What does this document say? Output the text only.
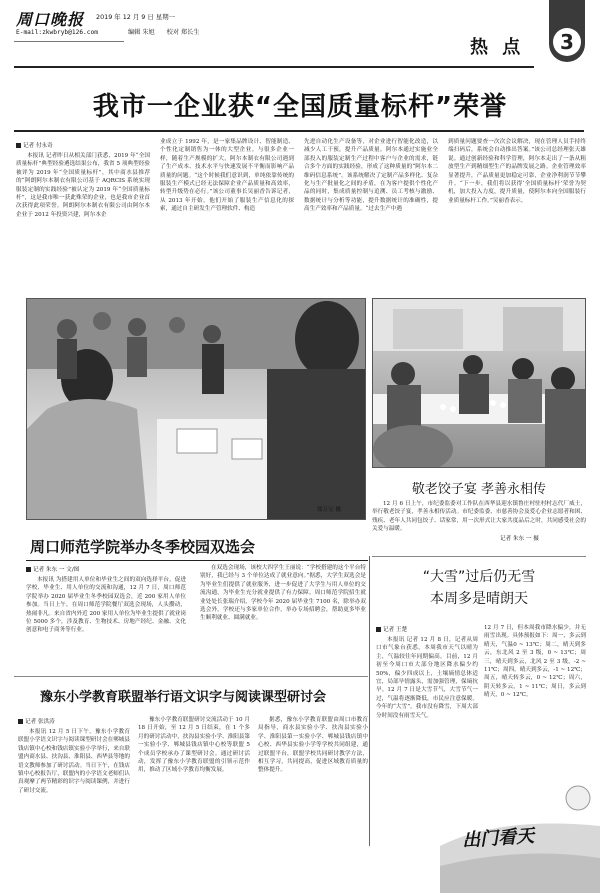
周口晚报
E-mail:zkwbryb@126.com
2019 年 12 月 9 日 星期一
编辑 朱旭 校对 郑长生
热 点	3
我市一企业获“全国质量标杆”荣誉
记者 付永奇
本报讯 记者昨日从相关部门获悉，2019 年“全国质量标杆”典型经验遴选结果公布，我省 5 项典型经验被评为 2019 年“全国质量标杆”，其中商水县推荐的“阿朗阿尔本制衣有限公司基于 AQRCIS 系统实现服装定制的实践经验”被认定为 2019 年“全国质量标杆”，这是我市唯一获此殊荣的企业，也是我市企业首次获得此项荣誉。阿朗阿尔本制衣有限公司由阿尔本企业于 2012 年投资兴建，阿尔本企
业成立于 1992 年，是一家集品牌设计、智能制造、个性化定制销售为一体的大型企业。与很多企业一样，随着生产规模的扩大，阿尔本制衣有限公司遇到了生产成本、技术水平与快速发展不平衡而影响产品质量的问题。“这个时候我们意识到，单纯依靠传统的服装生产模式已经无法保障企业产品质量和高效率，转型升级势在必行。”该公司董事长吴丽香告诉记者，从 2013 年开始，他们开始了服装生产信息化的探索，通过自主研发生产管理软件、构造
先进自动化生产设备等，对企业进行智能化改造，以减少人工干预，提升产品质量。阿尔本通过实施业全部投入的服装定制生产过程中客户与企业的需求，链合多个方面的实践经验，形成了这种质量的“阿尔本二维码信息系统”。该系统解决了定制产品多样化、复杂化与生产批量化之间的矛盾，在为客户提供个性化产品的同时，集成质量控制与追溯、员工考核与激励、数据统计与分析等功能，提升数据统计的准确性，提高生产效率和产品质量。“过去生产中遇
到质量问题要查一次次会议解决，现在管理人员手持终端扫码后，系统会自动推出答案。”该公司总经理张天雄说。通过创新经验和科学管理，阿尔本走出了一条从粗放型生产到精细型生产的品牌发展之路。企业管理效率显著提升，产品质量更加稳定可靠，企业净利润节节攀升。“下一步，我们将以获得‘全国质量标杆’荣誉为契机，加大投入力度，提升质量，使阿尔本向全国服装行业质量标杆工作。”吴丽香表示。
郑万宝 摄
周口师范学院举办冬季校园双选会
记者 朱东 一 文/图
本报讯 为搭建用人单位和毕业生之间的双向选择平台，促进学校、毕业生、用人单位的交流和沟通，12 月 7 日，周口师范学院举办 2020 届毕业生冬季校园双选会，近 200 家用人单位参加。当日上午，在周口师范学院餐厅双选会现场，人头攒动，热闹非凡。来自省内外近 200 家用人单位为毕业生提供了就业岗位 5000 多个，涉及教育、生物技术、房地产经纪、金融、文化创意和电子商务等行业。
在双选会现场，该校大四学生王丽说：“学校搭建的这个平台特别好，我已经与 3 个单位达成了就业意向。”据悉，大学生双选会是为毕业生们提供了就业服务，进一步促进了大学生与用人单位的交流沟通，为毕业生充分就业提供了有力保障。周口师范学院招生就业处处长张瑞介绍，学校今年 2020 届毕业生 7100 名，除举办双选会外，学校还与多家单位合作，举办专场招聘会，帮助更多毕业生顺利就业、圆满就业。
敬老饺子宴 孝善永相传
12 月 6 日上午，市纪委监委对工作队在西华县迎水镇鲁庄村驻村村志代厂威士，举行敬老饺子宴，孝善永相传活动。市纪委监委、市慈善协会及爱心企业志愿者和困、残疾、老年人共同包饺子、话家常，用一次形式让大家共度品后之时，共同感受社会的关爱与温暖。
记者 朱东 一 摄
“大雪”过后仍无雪
本周多是晴朗天
记者 王楚
本报讯 记者 12 月 8 日，记者从周口市气象台获悉，本周我市天气以晴为主，气温较往年同期偏高。目前，12 月初至今周口市大部分地区降水偏少约 50%，偏少四成以上，土壤墒情总体适宜，局部旱情露头，需加强管理，保墒抗旱。12 月 7 日是大雪节气，大雪节气一过，气温将逐渐降低，市民应注意保暖。今年的“大雪”，我市没有降雪，下周大部分时间没有雨雪天气。
12 月 7 日，但本周我市降水偏少，并无雨雪出现。具体预报如下：周一，多云到晴天，气温0 ~ 13℃；周二，晴天到多云，东北风 2 至 3 级，0 ~ 13℃；周三，晴天到多云，北风 2 至 3 级，-2 ~ 11℃；周四，晴天到多云，-1 ~ 12℃；周五，晴天转多云，0 ~ 12℃；周六，阴天转多云，1 ~ 11℃；周日，多云到晴天，0 ~ 12℃。
豫东小学教育联盟举行语文识字与阅读课型研讨会
记者 张洪涛
本报讯 12 月 5 日下午，豫东小学教育联盟小学语文识字与阅读课型研讨会在郸城县钱店镇中心校和钱店镇实验小学举行，来自联盟内商水县、扶沟县、淮阳县、西华县等地的语文教师参加了研讨活动。当日下午，在钱店镇中心校报告厅，联盟内的小学语文老师们认真观摩了两节精彩的识字与阅读课例，并进行了研讨交流。
豫东小学教育联盟研讨交流活动于 10 月 18 日开始，至 12 月 5 日结束，在 1 个多月的研讨活动中，扶沟县实验小学、淮阳县第一实验小学、郸城县钱店镇中心校等联盟 5 个成员学校承办了课型研讨会。通过研讨活动，发挥了豫东小学教育联盟的引领示范作用，推动了区域小学教育均衡发展。
据悉，豫东小学教育联盟由周口市教育局指导，商水县实验小学、扶沟县实验小学、淮阳县第一实验小学、郸城县钱店镇中心校、西华县实验小学等学校共同组建，通过联盟平台，联盟学校共同研讨教学方法，相互学习，共同提高，促进区域教育质量的整体提升。
出门看天
